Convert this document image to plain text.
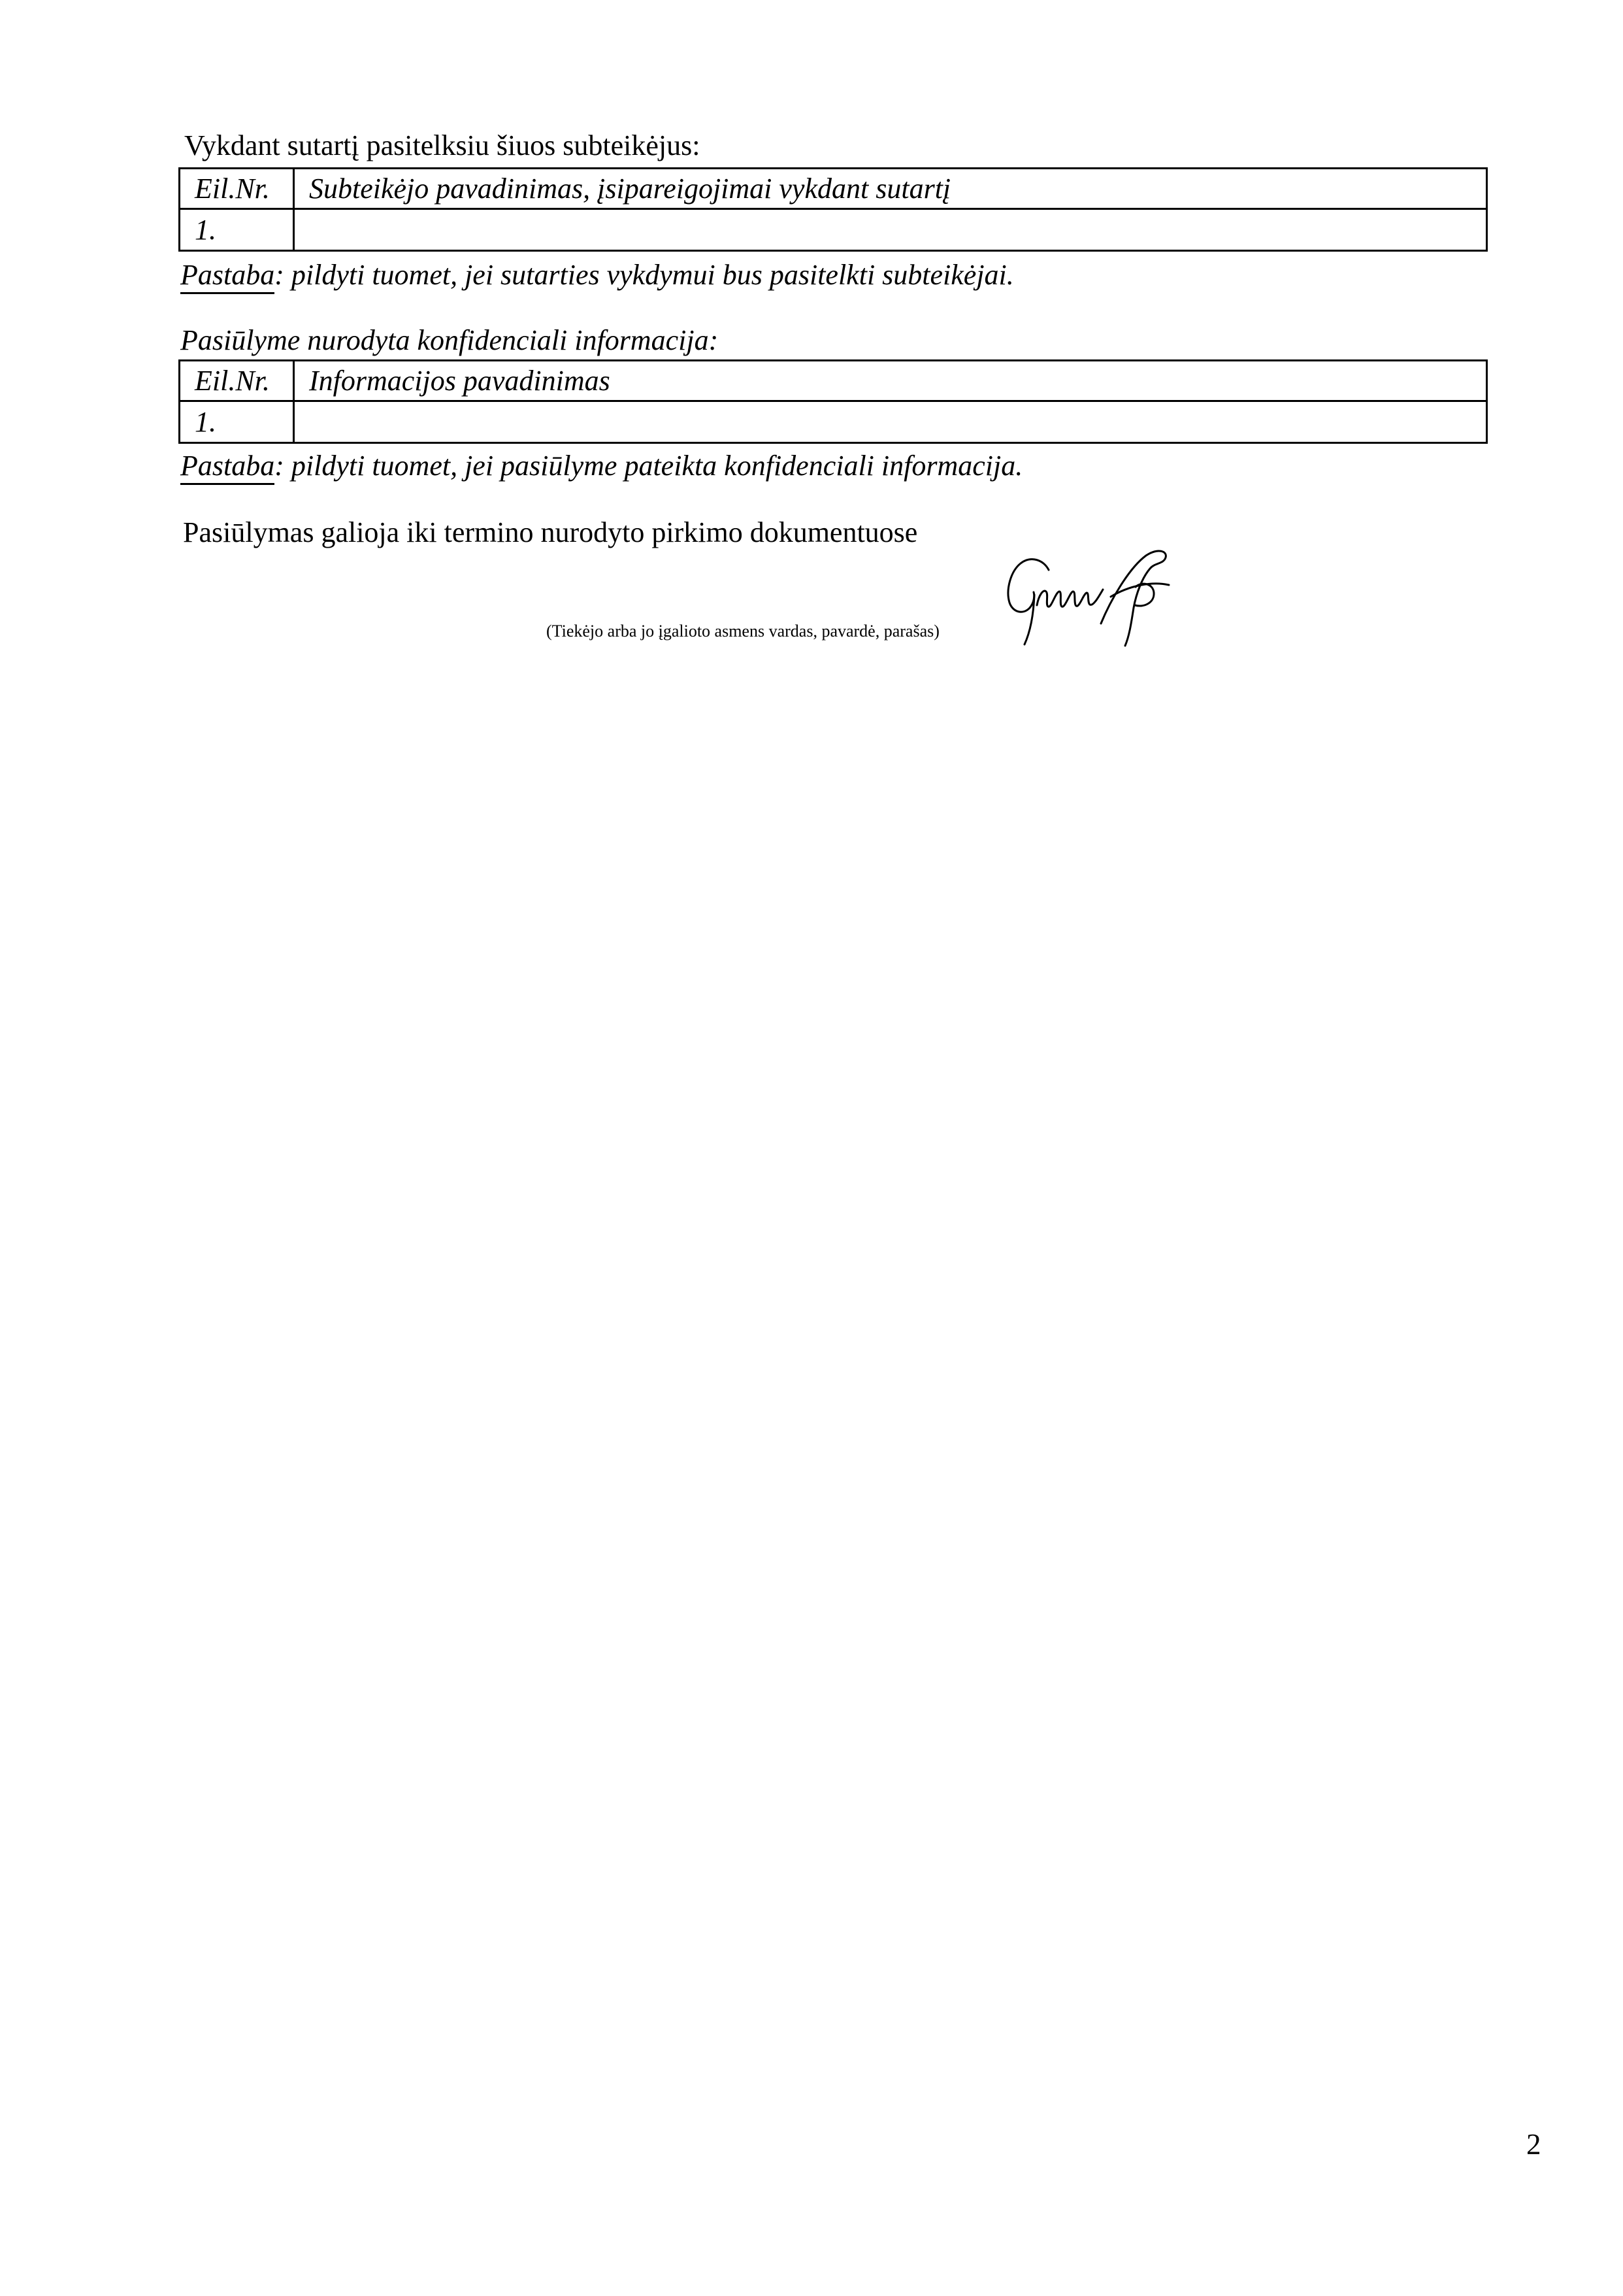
Vykdant sutartį pasitelksiu šiuos subteikėjus:
Eil.Nr.	Subteikėjo pavadinimas, įsipareigojimai vykdant sutartį
1.	
Pastaba: pildyti tuomet, jei sutarties vykdymui bus pasitelkti subteikėjai.
Pasiūlyme nurodyta konfidenciali informacija:
Eil.Nr.	Informacijos pavadinimas
1.	
Pastaba: pildyti tuomet, jei pasiūlyme pateikta konfidenciali informacija.
Pasiūlymas galioja iki termino nurodyto pirkimo dokumentuose
(Tiekėjo arba jo įgalioto asmens vardas, pavardė, parašas)
2
